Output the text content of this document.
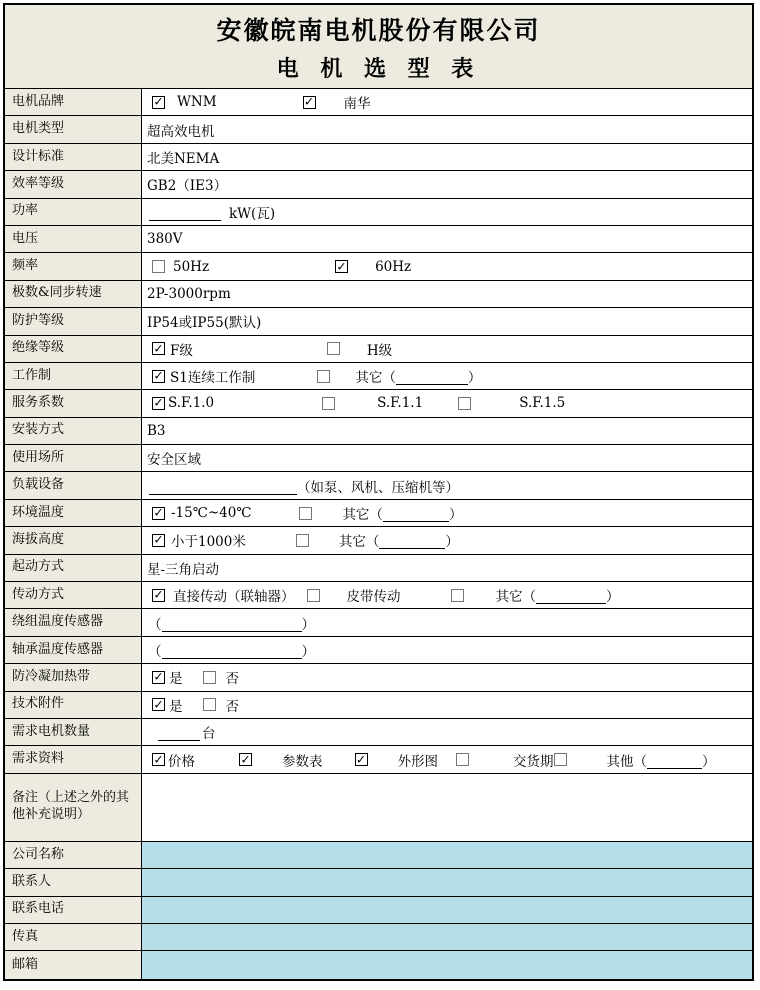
安徽皖南电机股份有限公司
电 机 选 型 表
电机品牌	✓ WNM	✓ 南华
电机类型	超高效电机
设计标准	北美NEMA
效率等级	GB2（IE3）
功率	kW(瓦)
电压	380V
频率	50Hz	✓ 60Hz
极数&同步转速	2P-3000rpm
防护等级	IP54或IP55(默认)
绝缘等级	✓ F级	H级
工作制	✓ S1连续工作制	其它（	）
服务系数	✓ S.F.1.0	S.F.1.1	S.F.1.5
安装方式	B3
使用场所	安全区域
负载设备	（如泵、风机、压缩机等）
环境温度	✓ -15℃~40℃	其它（	）
海拔高度	✓ 小于1000米	其它（	）
起动方式	星-三角启动
传动方式	✓ 直接传动（联轴器）	皮带传动	其它（	）
绕组温度传感器	（	）
轴承温度传感器	（	）
防冷凝加热带	✓ 是	否
技术附件	✓ 是	否
需求电机数量	台
需求资料	✓ 价格	✓ 参数表	✓ 外形图	交货期	其他（	）
备注（上述之外的其他补充说明）
公司名称
联系人
联系电话
传真
邮箱
